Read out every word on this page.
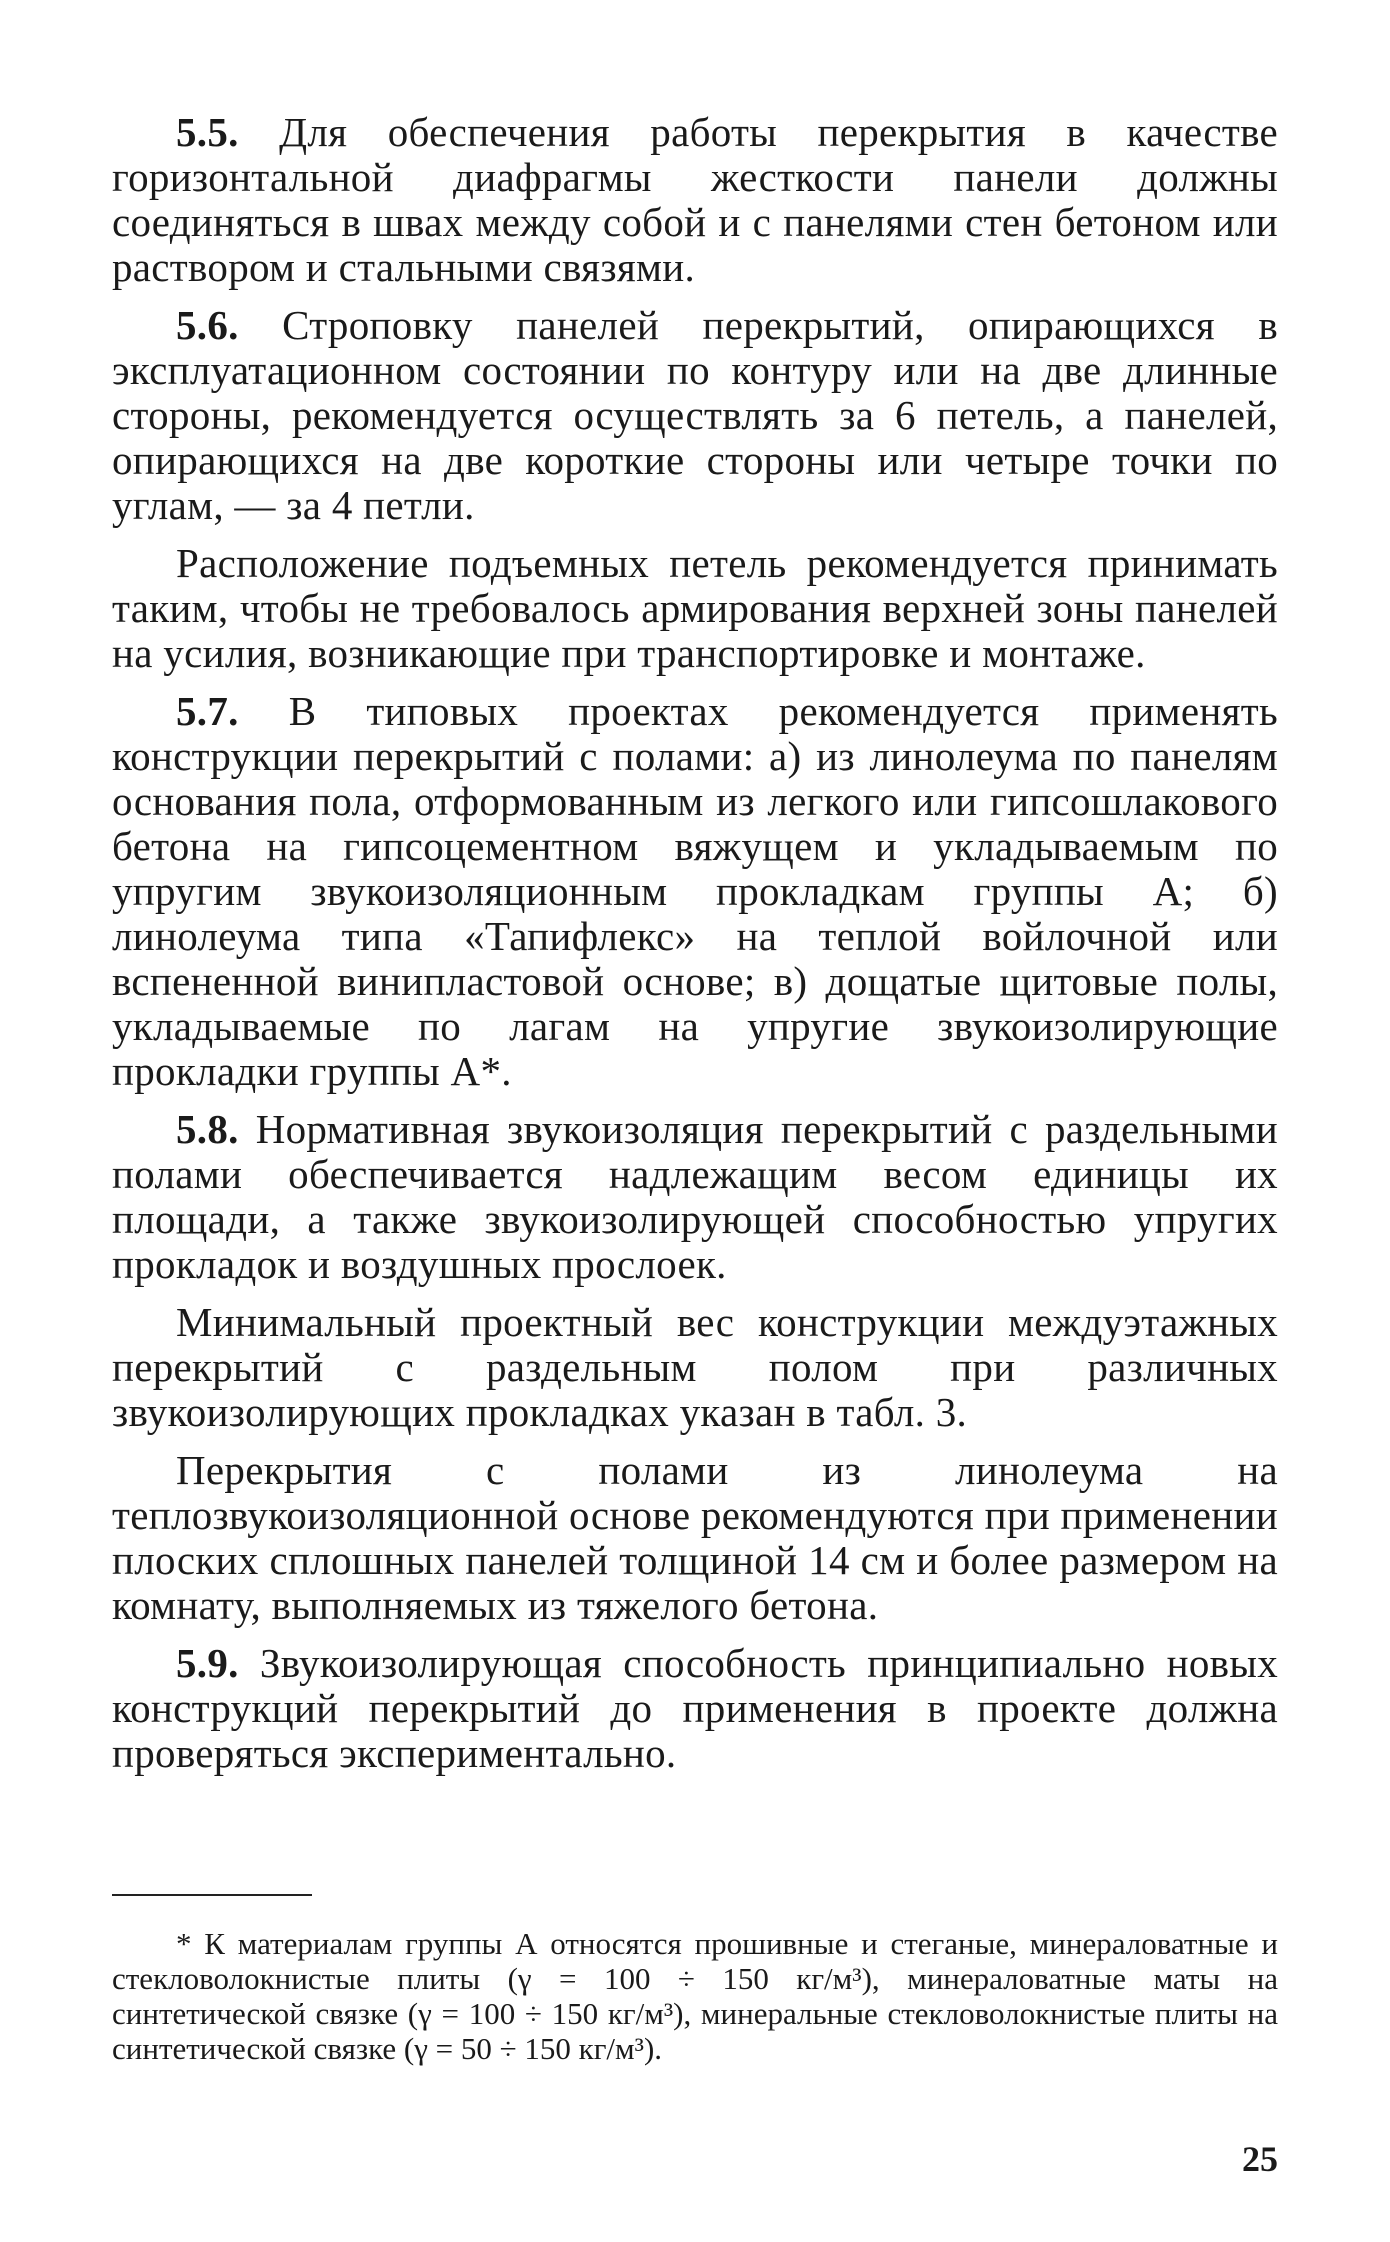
5.5. Для обеспечения работы перекрытия в качестве горизонтальной диафрагмы жесткости панели должны соединяться в швах между собой и с панелями стен бетоном или раствором и стальными связями.

5.6. Строповку панелей перекрытий, опирающихся в эксплуатационном состоянии по контуру или на две длинные стороны, рекомендуется осуществлять за 6 петель, а панелей, опирающихся на две короткие стороны или четыре точки по углам, — за 4 петли.

Расположение подъемных петель рекомендуется принимать таким, чтобы не требовалось армирования верхней зоны панелей на усилия, возникающие при транспортировке и монтаже.

5.7. В типовых проектах рекомендуется применять конструкции перекрытий с полами: а) из линолеума по панелям основания пола, отформованным из легкого или гипсошлакового бетона на гипсоцементном вяжущем и укладываемым по упругим звукоизоляционным прокладкам группы А; б) линолеума типа «Тапифлекс» на теплой войлочной или вспененной винипластовой основе; в) дощатые щитовые полы, укладываемые по лагам на упругие звукоизолирующие прокладки группы А*.

5.8. Нормативная звукоизоляция перекрытий с раздельными полами обеспечивается надлежащим весом единицы их площади, а также звукоизолирующей способностью упругих прокладок и воздушных прослоек.

Минимальный проектный вес конструкции междуэтажных перекрытий с раздельным полом при различных звукоизолирующих прокладках указан в табл. 3.

Перекрытия с полами из линолеума на теплозвукоизоляционной основе рекомендуются при применении плоских сплошных панелей толщиной 14 см и более размером на комнату, выполняемых из тяжелого бетона.

5.9. Звукоизолирующая способность принципиально новых конструкций перекрытий до применения в проекте должна проверяться экспериментально.

* К материалам группы А относятся прошивные и стеганые, минераловатные и стекловолокнистые плиты (γ = 100 ÷ 150 кг/м³), минераловатные маты на синтетической связке (γ = 100 ÷ 150 кг/м³), минеральные стекловолокнистые плиты на синтетической связке (γ = 50 ÷ 150 кг/м³).

25
